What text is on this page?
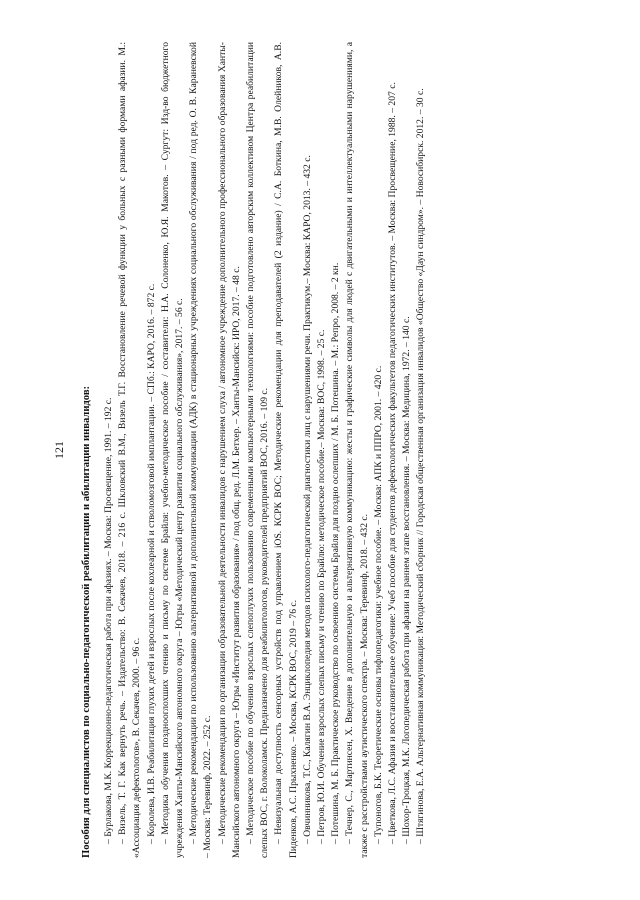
121 Пособия для специалистов по социально-педагогической реабилитации и абилитации инвалидов: – Бурлакова, М.К. Коррекционно-педагогическая работа при афазиях. – Москва: Просвещение, 1991. – 192 с. – Визель, Т. Г. Как вернуть речь. – Издательство: В. Секачев, 2018. – 216 с. Шкловский В.М., Визель Т.Г. Восстановление речевой функции у больных с разными формами афазии. М.: «Ассоциация дефектологов», В. Секачев, 2000. – 96 с. – Королева, И.В. Реабилитация глухих детей и взрослых после кохлеарной и стволомозговой имплантации. – СПб.: КАРО, 2016. – 872 с. – Методика обучения позднооглохших чтению и письму по системе Брайля: учебно-методическое пособие / составители: Н.А. Солоненко, Ю.Я. Макотов. – Сургут: Изд-во бюджетного учреждения Ханты-Мансийского автономного округа – Югры «Методический центр развития социального обслуживания», 2017. – 56 с. – Методические рекомендации по использованию альтернативной и дополнительной коммуникации (АДК) в стационарных учреждениях социального обслуживания / под ред. О. В. Караневской – Москва: Теревинф, 2022. – 252 с. – Методические рекомендации по организации образовательной деятельности инвалидов с нарушением слуха / автономное учреждение дополнительного профессионального образования Ханты-Мансийского автономного округа – Югры «Институт развития образования» / под общ. ред. Л.М. Бетхер. – Ханты-Мансийск: ИРО, 2017. – 48 с. – Методическое пособие по обучению взрослых слепоглухих пользованию современными компьютерными технологиями: пособие подготовлено авторским коллективом Центра реабилитации слепых ВОС, г. Волоколамск. Предназначено для реабилитологов, руководителей предприятий ВОС, 2016. – 109 с. – Невизуальная доступность сенсорных устройств под управлением iOS. КСРК ВОС; Методические рекомендации для преподавателей (2 издание) / С.А. Боткина, М.В. Олейников, А.В. Пиденков, А.С. Прыхненко. – Москва, КСРК ВОС, 2019 – 76 с. – Овчинникова, Т.С., Калягин В.А. Энциклопедия методов психолого-педагогической диагностики лиц с нарушениями речи. Практикум.– Москва: КАРО, 2013. – 432 с. – Петров, Ю.И. Обучение взрослых слепых письму и чтению по Брайлю: методическое пособие.– Москва: ВОС, 1998. – 25 с. – Потешина, М. Б. Практическое руководство по освоению системы Брайля для поздно ослепших / М. Б. Потешина. – М.: Репро, 2008. – 2 кн. – Течнер, С., Мартинсен, Х. Введение в дополнительную и альтернативную коммуникацию: жесты и графические символы для людей с двигательными и интеллектуальными нарушениями, а также с расстройствами аутистического спектра. – Москва: Теревинф, 2018. – 432 с. – Тупоногов, Б.К. Теоретические основы тифлопедагогики: учебное пособие. – Москва: АПК и ППРО, 2001. – 420 с. – Цветкова, Л.С. Афазия и восстановительное обучение: Учеб пособие для студентов дефектологических факультетов педагогических институтов. – Москва: Просвещение, 1988. – 207 с. – Шохор-Троцкая, М.К. Логопедическая работа при афазии на раннем этапе восстановления. – Москва: Медицина, 1972. – 140 с. – Штягинова, Е.А. Альтернативная коммуникация: Методический сборник // Городская общественная организация инвалидов «Общество «Даун синдром». – Новосибирск. 2012. – 30 с.
